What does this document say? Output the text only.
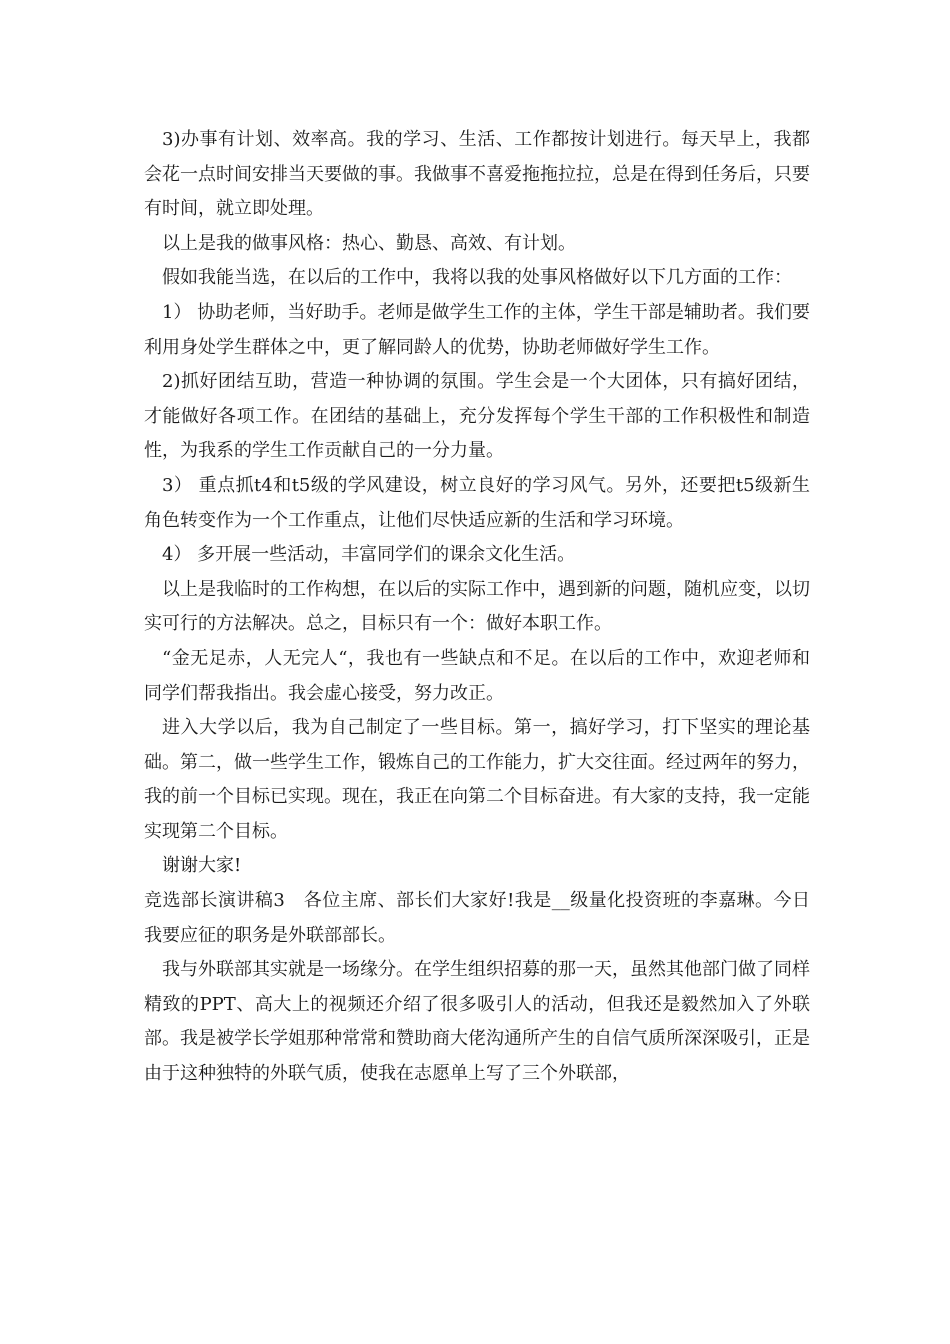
3)办事有计划、效率高。我的学习、生活、工作都按计划进行。每天早上，我都会花一点时间安排当天要做的事。我做事不喜爱拖拖拉拉，总是在得到任务后，只要有时间，就立即处理。

以上是我的做事风格：热心、勤恳、高效、有计划。

假如我能当选，在以后的工作中，我将以我的处事风格做好以下几方面的工作：

1） 协助老师，当好助手。老师是做学生工作的主体，学生干部是辅助者。我们要利用身处学生群体之中，更了解同龄人的优势，协助老师做好学生工作。

2)抓好团结互助，营造一种协调的氛围。学生会是一个大团体，只有搞好团结，才能做好各项工作。在团结的基础上，充分发挥每个学生干部的工作积极性和制造性，为我系的学生工作贡献自己的一分力量。

3） 重点抓t4和t5级的学风建设，树立良好的学习风气。另外，还要把t5级新生角色转变作为一个工作重点，让他们尽快适应新的生活和学习环境。

4） 多开展一些活动，丰富同学们的课余文化生活。

以上是我临时的工作构想，在以后的实际工作中，遇到新的问题，随机应变，以切实可行的方法解决。总之，目标只有一个：做好本职工作。

“金无足赤，人无完人“，我也有一些缺点和不足。在以后的工作中，欢迎老师和同学们帮我指出。我会虚心接受，努力改正。

进入大学以后，我为自己制定了一些目标。第一，搞好学习，打下坚实的理论基础。第二，做一些学生工作，锻炼自己的工作能力，扩大交往面。经过两年的努力，我的前一个目标已实现。现在，我正在向第二个目标奋进。有大家的支持，我一定能实现第二个目标。

谢谢大家!

竞选部长演讲稿3　各位主席、部长们大家好!我是__级量化投资班的李嘉琳。今日我要应征的职务是外联部部长。

我与外联部其实就是一场缘分。在学生组织招募的那一天，虽然其他部门做了同样精致的PPT、高大上的视频还介绍了很多吸引人的活动，但我还是毅然加入了外联部。我是被学长学姐那种常常和赞助商大佬沟通所产生的自信气质所深深吸引，正是由于这种独特的外联气质，使我在志愿单上写了三个外联部，
